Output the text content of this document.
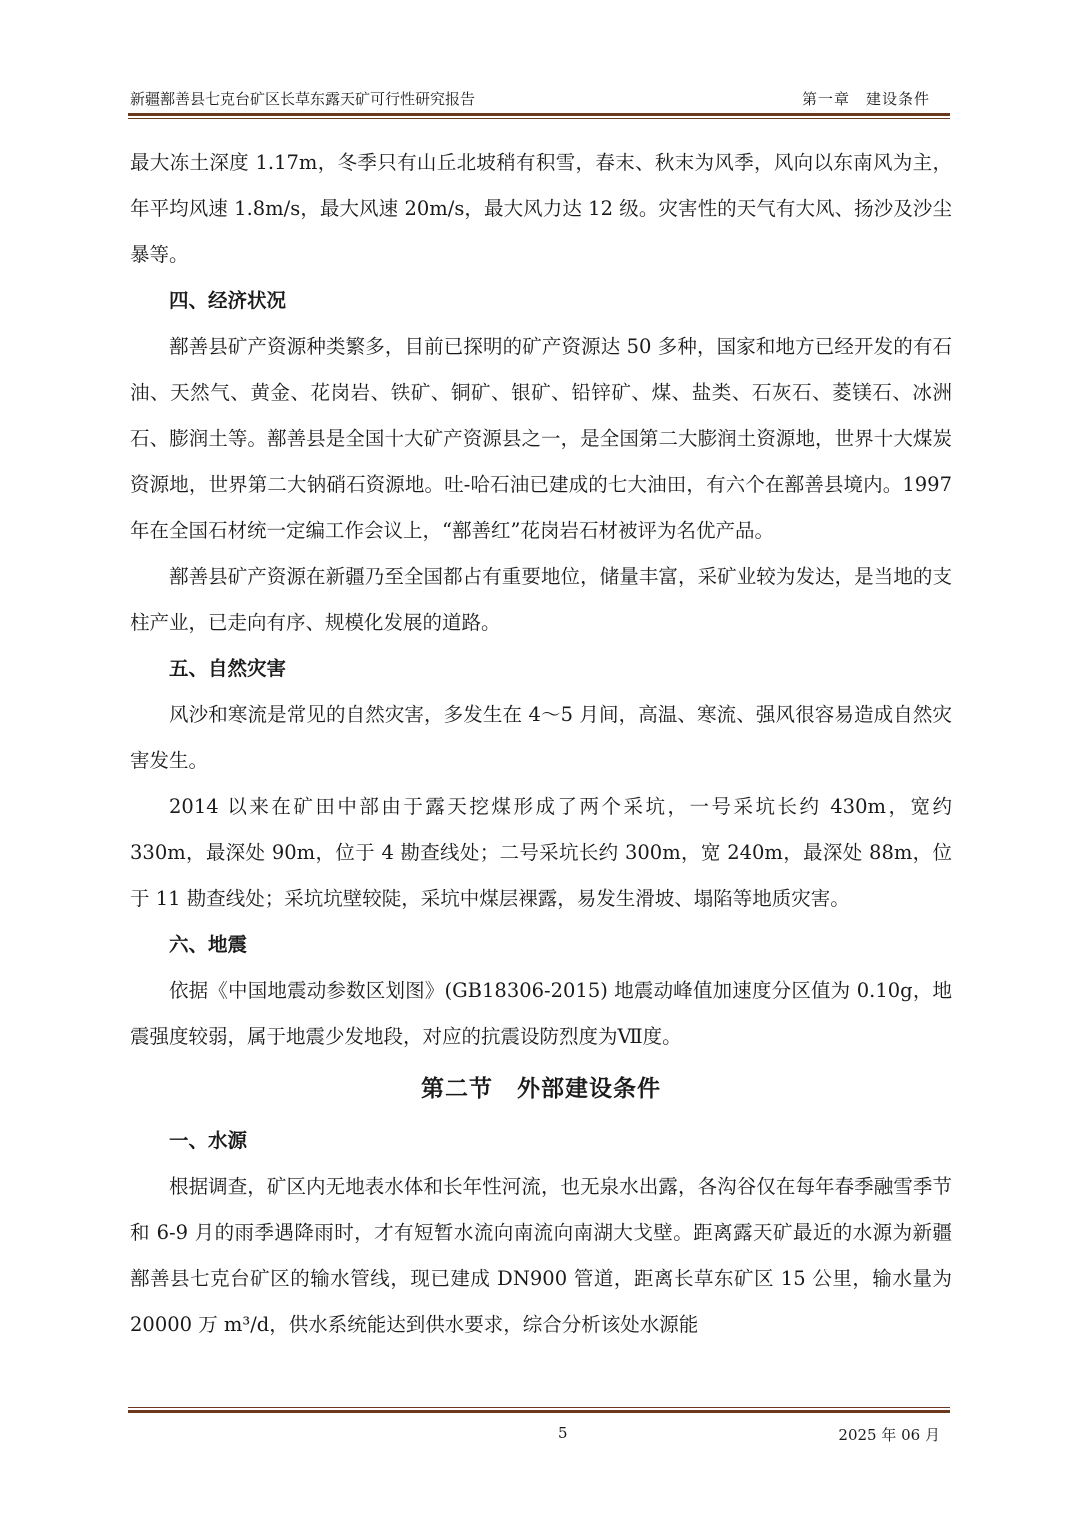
新疆鄯善县七克台矿区长草东露天矿可行性研究报告	第一章　建设条件

最大冻土深度 1.17m，冬季只有山丘北坡稍有积雪，春末、秋末为风季，风向以东南风为主，年平均风速 1.8m/s，最大风速 20m/s，最大风力达 12 级。灾害性的天气有大风、扬沙及沙尘暴等。

四、经济状况

鄯善县矿产资源种类繁多，目前已探明的矿产资源达 50 多种，国家和地方已经开发的有石油、天然气、黄金、花岗岩、铁矿、铜矿、银矿、铅锌矿、煤、盐类、石灰石、菱镁石、冰洲石、膨润土等。鄯善县是全国十大矿产资源县之一，是全国第二大膨润土资源地，世界十大煤炭资源地，世界第二大钠硝石资源地。吐-哈石油已建成的七大油田，有六个在鄯善县境内。1997 年在全国石材统一定编工作会议上，“鄯善红”花岗岩石材被评为名优产品。

鄯善县矿产资源在新疆乃至全国都占有重要地位，储量丰富，采矿业较为发达，是当地的支柱产业，已走向有序、规模化发展的道路。

五、自然灾害

风沙和寒流是常见的自然灾害，多发生在 4～5 月间，高温、寒流、强风很容易造成自然灾害发生。

2014 以来在矿田中部由于露天挖煤形成了两个采坑，一号采坑长约 430m，宽约 330m，最深处 90m，位于 4 勘查线处；二号采坑长约 300m，宽 240m，最深处 88m，位于 11 勘查线处；采坑坑壁较陡，采坑中煤层裸露，易发生滑坡、塌陷等地质灾害。

六、地震

依据《中国地震动参数区划图》(GB18306-2015) 地震动峰值加速度分区值为 0.10g，地震强度较弱，属于地震少发地段，对应的抗震设防烈度为Ⅶ度。

第二节　外部建设条件
一、水源

根据调查，矿区内无地表水体和长年性河流，也无泉水出露，各沟谷仅在每年春季融雪季节和 6-9 月的雨季遇降雨时，才有短暂水流向南流向南湖大戈壁。距离露天矿最近的水源为新疆鄯善县七克台矿区的输水管线，现已建成 DN900 管道，距离长草东矿区 15 公里，输水量为 20000 万 m³/d，供水系统能达到供水要求，综合分析该处水源能

5	2025 年 06 月
